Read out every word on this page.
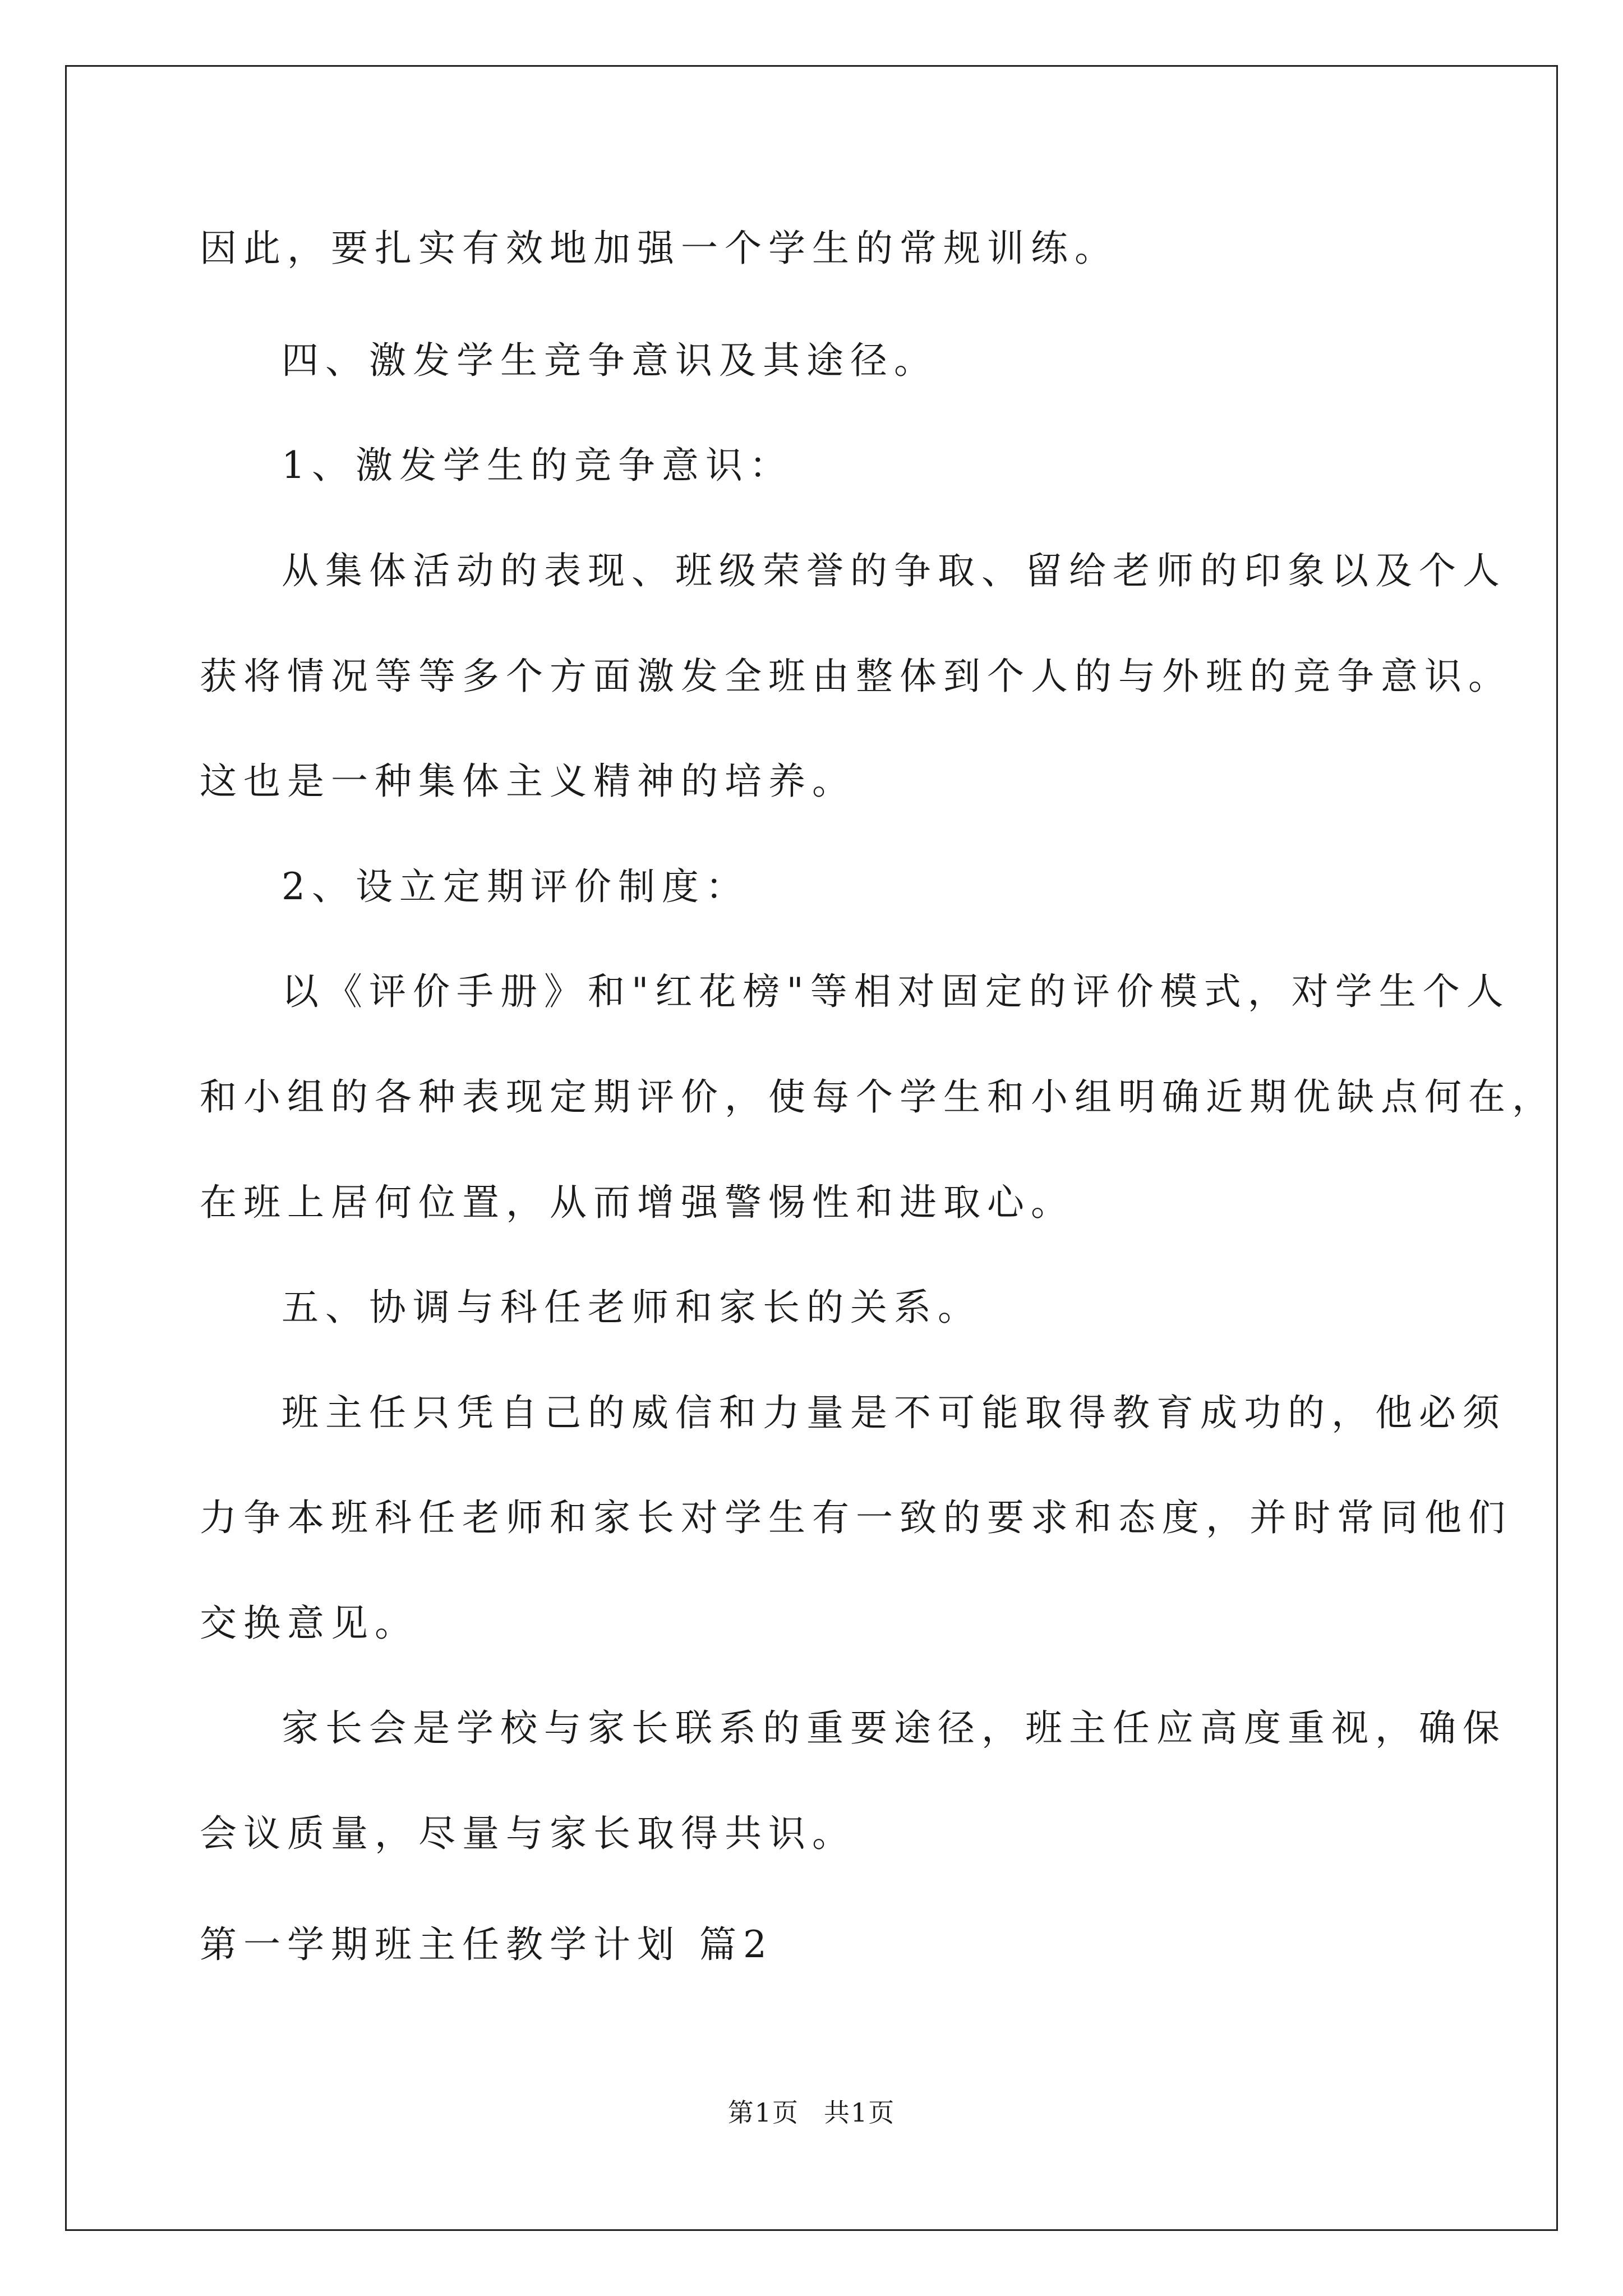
因此，要扎实有效地加强一个学生的常规训练。
四、激发学生竞争意识及其途径。
1、激发学生的竞争意识：
从集体活动的表现、班级荣誉的争取、留给老师的印象以及个人
获将情况等等多个方面激发全班由整体到个人的与外班的竞争意识。
这也是一种集体主义精神的培养。
2、设立定期评价制度：
以《评价手册》和"红花榜"等相对固定的评价模式，对学生个人
和小组的各种表现定期评价，使每个学生和小组明确近期优缺点何在，
在班上居何位置，从而增强警惕性和进取心。
五、协调与科任老师和家长的关系。
班主任只凭自己的威信和力量是不可能取得教育成功的，他必须
力争本班科任老师和家长对学生有一致的要求和态度，并时常同他们
交换意见。
家长会是学校与家长联系的重要途径，班主任应高度重视，确保
会议质量，尽量与家长取得共识。
第一学期班主任教学计划 篇2
第1页 共1页
